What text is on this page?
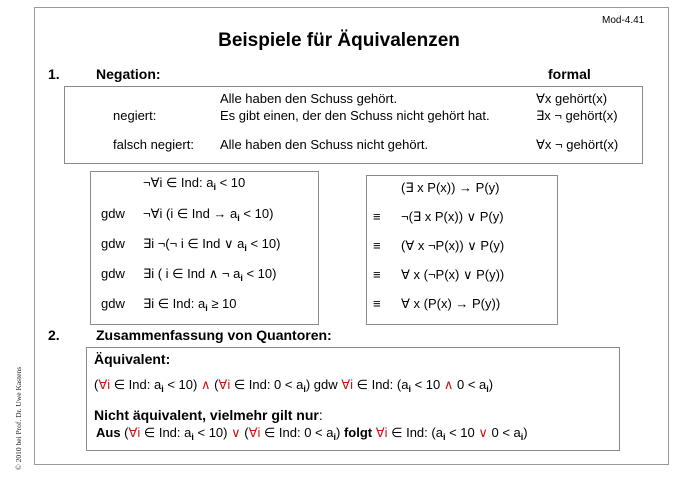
Mod-4.41
Beispiele für Äquivalenzen
© 2010 bei Prof. Dr. Uwe Kastens
1.	Negation:	formal
Alle haben den Schuss gehört.	∀x gehört(x)
negiert:	Es gibt einen, der den Schuss nicht gehört hat.	∃x ¬ gehört(x)
falsch negiert: Alle haben den Schuss nicht gehört.	∀x ¬ gehört(x)
¬∀i ∈ Ind: $a_i < 10$
gdw ¬∀i (i ∈ Ind → $a_i < 10$)
gdw ∃i ¬(¬ i ∈ Ind ∨ $a_i < 10$)
gdw ∃i ( i ∈ Ind ∧ ¬ $a_i < 10$)
gdw ∃i ∈ Ind: $a_i \ge 10$
(∃ x P(x)) → P(y)
≡ ¬(∃ x P(x)) ∨ P(y)
≡ (∀ x ¬P(x)) ∨ P(y)
≡ ∀ x (¬P(x) ∨ P(y))
≡ ∀ x (P(x) → P(y))
2.	Zusammenfassung von Quantoren:
Äquivalent:
(∀i ∈ Ind: $a_i < 10$) ∧ (∀i ∈ Ind: $0 < a_i$) gdw ∀i ∈ Ind: ($a_i < 10$ ∧ $0 < a_i$)
Nicht äquivalent, vielmehr gilt nur:
Aus (∀i ∈ Ind: $a_i < 10$) ∨ (∀i ∈ Ind: $0 < a_i$) folgt ∀i ∈ Ind: ($a_i < 10$ ∨ $0 < a_i$)
